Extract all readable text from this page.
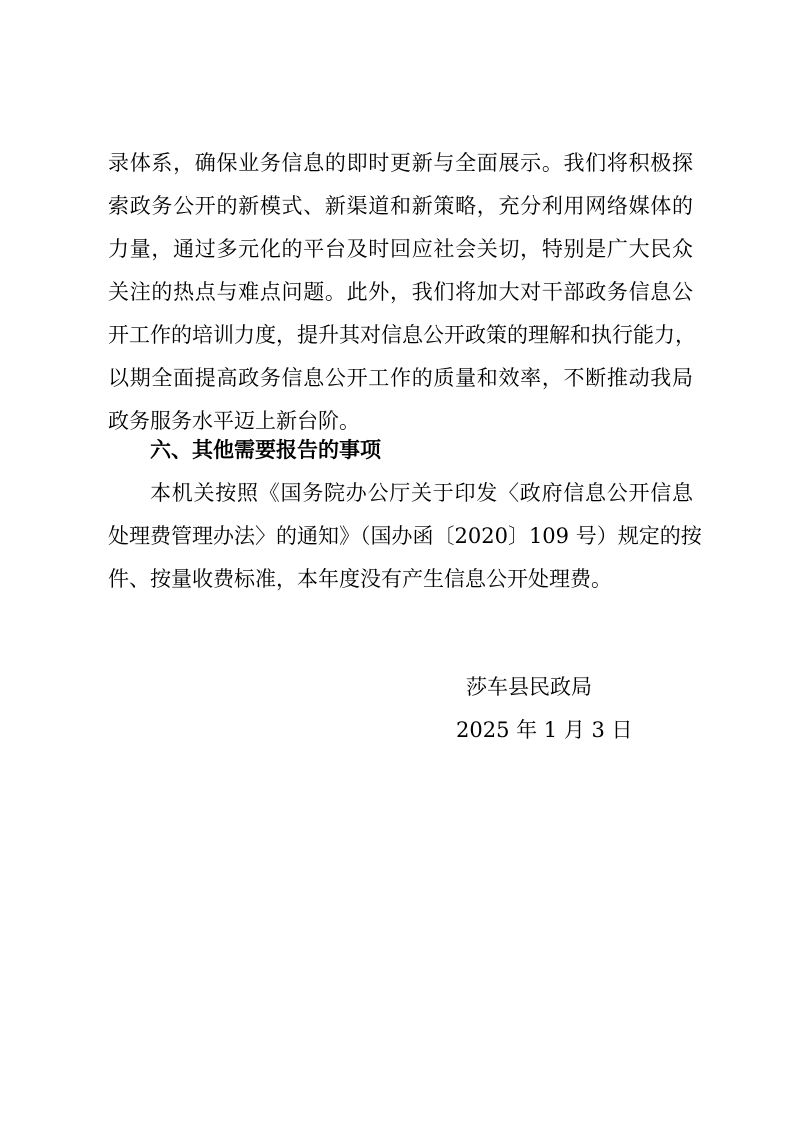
录体系，确保业务信息的即时更新与全面展示。我们将积极探
索政务公开的新模式、新渠道和新策略，充分利用网络媒体的
力量，通过多元化的平台及时回应社会关切，特别是广大民众
关注的热点与难点问题。此外，我们将加大对干部政务信息公
开工作的培训力度，提升其对信息公开政策的理解和执行能力，
以期全面提高政务信息公开工作的质量和效率，不断推动我局
政务服务水平迈上新台阶。
六、其他需要报告的事项
本机关按照《国务院办公厅关于印发〈政府信息公开信息
处理费管理办法〉的通知》（国办函〔2020〕109 号）规定的按
件、按量收费标准，本年度没有产生信息公开处理费。
莎车县民政局
2025 年 1 月 3 日
